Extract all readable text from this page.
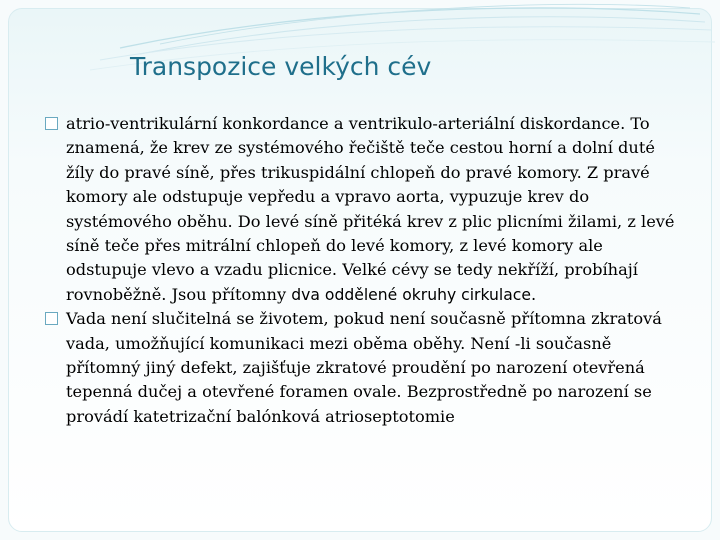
Transpozice velkých cév

atrio-ventrikulární konkordance a ventrikulo-arteriální diskordance. To znamená, že krev ze systémového řečiště teče cestou horní a dolní duté žíly do pravé síně, přes trikuspidální chlopeň do pravé komory. Z pravé komory ale odstupuje vepředu a vpravo aorta, vypuzuje krev do systémového oběhu. Do levé síně přitéká krev z plic plicními žilami, z levé síně teče přes mitrální chlopeň do levé komory, z levé komory ale odstupuje vlevo a vzadu plicnice. Velké cévy se tedy nekříží, probíhají rovnoběžně. Jsou přítomny dva oddělené okruhy cirkulace.

Vada není slučitelná se životem, pokud není současně přítomna zkratová vada, umožňující komunikaci mezi oběma oběhy. Není -li současně přítomný jiný defekt, zajišťuje zkratové proudění po narození otevřená tepenná dučej a otevřené foramen ovale. Bezprostředně po narození se provádí katetrizační balónková atrioseptotomie
